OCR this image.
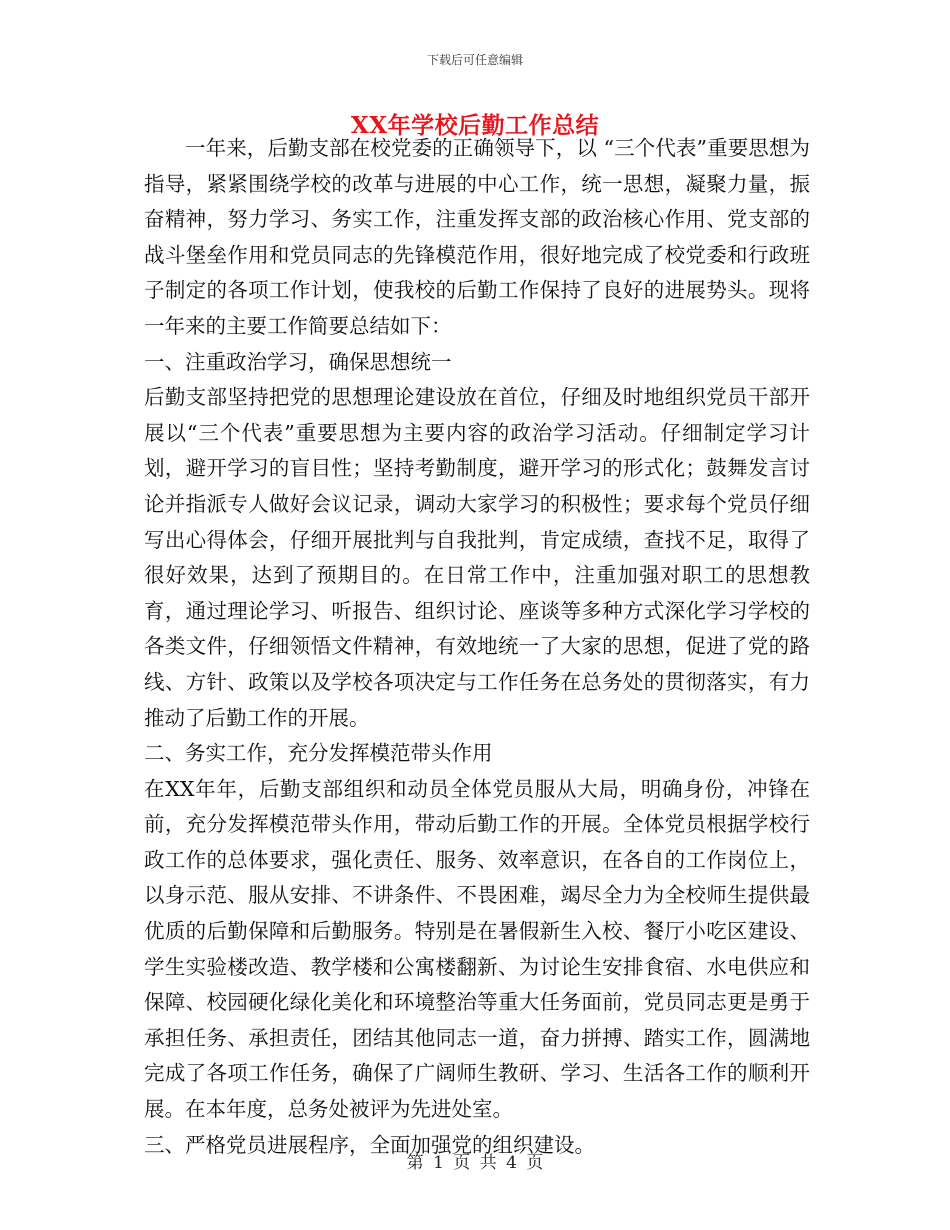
下载后可任意编辑
XX年学校后勤工作总结

一年来，后勤支部在校党委的正确领导下，以 “三个代表”重要思想为指导，紧紧围绕学校的改革与进展的中心工作，统一思想，凝聚力量，振奋精神，努力学习、务实工作，注重发挥支部的政治核心作用、党支部的战斗堡垒作用和党员同志的先锋模范作用，很好地完成了校党委和行政班子制定的各项工作计划，使我校的后勤工作保持了良好的进展势头。现将一年来的主要工作简要总结如下：

一、注重政治学习，确保思想统一

后勤支部坚持把党的思想理论建设放在首位，仔细及时地组织党员干部开展以“三个代表”重要思想为主要内容的政治学习活动。仔细制定学习计划，避开学习的盲目性；坚持考勤制度，避开学习的形式化；鼓舞发言讨论并指派专人做好会议记录，调动大家学习的积极性；要求每个党员仔细写出心得体会，仔细开展批判与自我批判，肯定成绩，查找不足，取得了很好效果，达到了预期目的。在日常工作中，注重加强对职工的思想教育，通过理论学习、听报告、组织讨论、座谈等多种方式深化学习学校的各类文件，仔细领悟文件精神，有效地统一了大家的思想，促进了党的路线、方针、政策以及学校各项决定与工作任务在总务处的贯彻落实，有力推动了后勤工作的开展。

二、务实工作，充分发挥模范带头作用

在XX年年，后勤支部组织和动员全体党员服从大局，明确身份，冲锋在前，充分发挥模范带头作用，带动后勤工作的开展。全体党员根据学校行政工作的总体要求，强化责任、服务、效率意识，在各自的工作岗位上，以身示范、服从安排、不讲条件、不畏困难，竭尽全力为全校师生提供最优质的后勤保障和后勤服务。特别是在暑假新生入校、餐厅小吃区建设、学生实验楼改造、教学楼和公寓楼翻新、为讨论生安排食宿、水电供应和保障、校园硬化绿化美化和环境整治等重大任务面前，党员同志更是勇于承担任务、承担责任，团结其他同志一道，奋力拼搏、踏实工作，圆满地完成了各项工作任务，确保了广阔师生教研、学习、生活各工作的顺利开展。在本年度，总务处被评为先进处室。

三、严格党员进展程序，全面加强党的组织建设。

第 1 页 共 4 页
